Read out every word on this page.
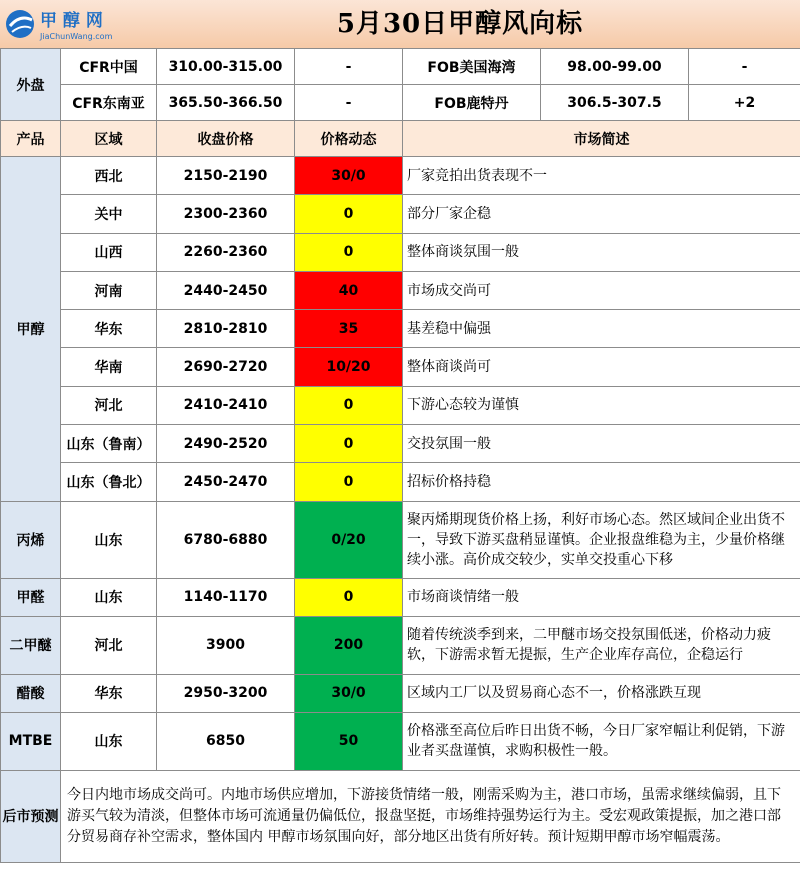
甲 醇 网
JiaChunWang.com	5月30日甲醇风向标
外盘	CFR中国	310.00-315.00	-	FOB美国海湾	98.00-99.00	-
	CFR东南亚	365.50-366.50	-	FOB鹿特丹	306.5-307.5	+2
产品	区域	收盘价格	价格动态	市场简述		
甲醇	西北	2150-2190	30/0	厂家竞拍出货表现不一		
	关中	2300-2360	0	部分厂家企稳		
	山西	2260-2360	0	整体商谈氛围一般		
	河南	2440-2450	40	市场成交尚可		
	华东	2810-2810	35	基差稳中偏强		
	华南	2690-2720	10/20	整体商谈尚可		
	河北	2410-2410	0	下游心态较为谨慎		
	山东（鲁南）	2490-2520	0	交投氛围一般		
	山东（鲁北）	2450-2470	0	招标价格持稳		
丙烯	山东	6780-6880	0/20	聚丙烯期现货价格上扬，利好市场心态。然区域间企业出货不一，导致下游买盘稍显谨慎。企业报盘维稳为主，少量价格继续小涨。高价成交较少，实单交投重心下移		
甲醛	山东	1140-1170	0	市场商谈情绪一般		
二甲醚	河北	3900	200	随着传统淡季到来，二甲醚市场交投氛围低迷，价格动力疲软，下游需求暂无提振，生产企业库存高位，企稳运行		
醋酸	华东	2950-3200	30/0	区域内工厂以及贸易商心态不一，价格涨跌互现		
MTBE	山东	6850	50	价格涨至高位后昨日出货不畅，今日厂家窄幅让利促销，下游业者买盘谨慎，求购积极性一般。		
后市预测	今日内地市场成交尚可。内地市场供应增加，下游接货情绪一般，刚需采购为主，港口市场，虽需求继续偏弱，且下游买气较为清淡，但整体市场可流通量仍偏低位，报盘坚挺，市场维持强势运行为主。受宏观政策提振，加之港口部分贸易商存补空需求，整体国内 甲醇市场氛围向好，部分地区出货有所好转。预计短期甲醇市场窄幅震荡。					
